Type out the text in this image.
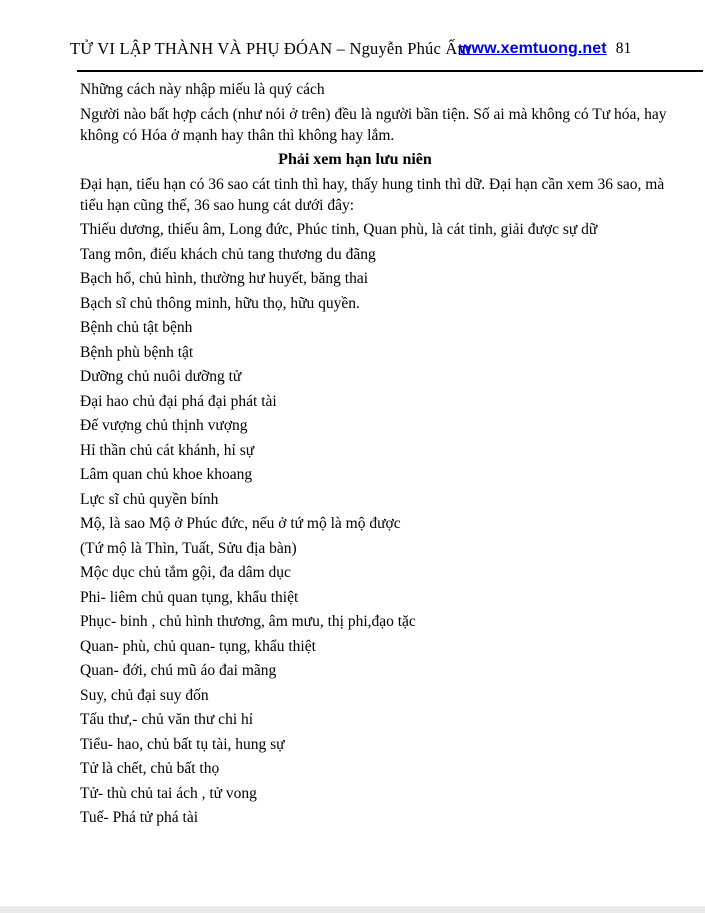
TỬ VI LẬP THÀNH VÀ PHỤ ĐÓAN – Nguyễn Phúc Ấm
www.xemtuong.net 81
Những cách này nhập miếu là quý cách
Người nào bất hợp cách (như nói ở trên) đều là người bần tiện. Số ai mà không có Tư hóa, hay
không có Hóa ở mạnh hay thân thì không hay lắm.
Phải xem hạn lưu niên
Đại hạn, tiểu hạn có 36 sao cát tinh thì hay, thấy hung tinh thì dữ. Đại hạn cần xem 36 sao, mà
tiểu hạn cũng thế, 36 sao hung cát dưới đây:
Thiếu dương, thiếu âm, Long đức, Phúc tinh, Quan phù, là cát tinh, giải được sự dữ
Tang môn, điếu khách chủ tang thương du đãng
Bạch hổ, chủ hình, thường hư huyết, băng thai
Bạch sĩ chủ thông minh, hữu thọ, hữu quyền.
Bệnh chủ tật bệnh
Bệnh phù bệnh tật
Dưỡng chủ nuôi dưỡng tử
Đại hao chủ đại phá đại phát tài
Đế vượng chủ thịnh vượng
Hỉ thần chủ cát khánh, hỉ sự
Lâm quan chủ khoe khoang
Lực sĩ chủ quyền bính
Mộ, là sao Mộ ở Phúc đức, nếu ở tứ mộ là mộ được
(Tứ mộ là Thìn, Tuất, Sửu địa bàn)
Mộc dục chủ tắm gội, đa dâm dục
Phi- liêm chủ quan tụng, khẩu thiệt
Phục- binh , chủ hình thương, âm mưu, thị phi,đạo tặc
Quan- phù, chủ quan- tụng, khẩu thiệt
Quan- đới, chú mũ áo đai mãng
Suy, chủ đại suy đốn
Tấu thư,- chủ văn thư chi hỉ
Tiểu- hao, chủ bất tụ tài, hung sự
Tử là chết, chủ bất thọ
Tử- thù chủ tai ách , tử vong
Tuế- Phá tử phá tài
